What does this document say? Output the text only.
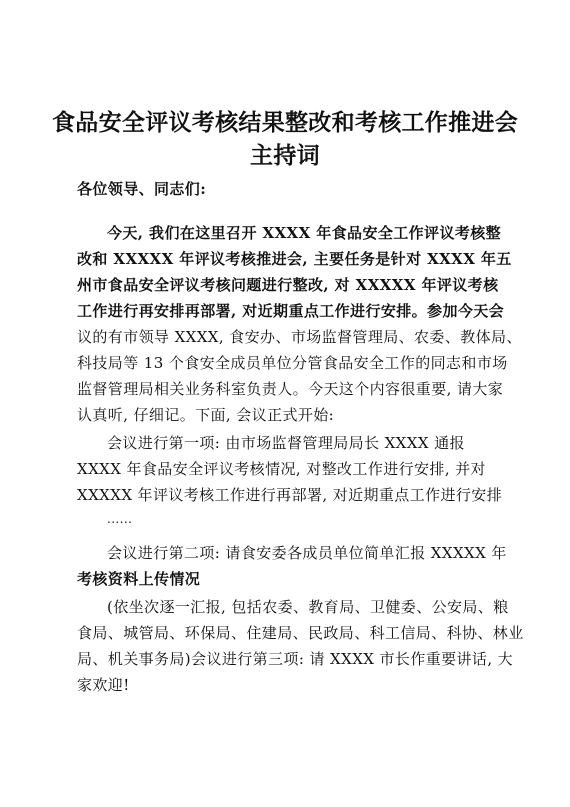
食品安全评议考核结果整改和考核工作推进会
主持词
各位领导、同志们:
今天, 我们在这里召开 XXXX 年食品安全工作评议考核整
改和 XXXXX 年评议考核推进会, 主要任务是针对 XXXX 年五
州市食品安全评议考核问题进行整改, 对 XXXXX 年评议考核
工作进行再安排再部署, 对近期重点工作进行安排。参加今天会
议的有市领导 XXXX, 食安办、市场监督管理局、农委、教体局、
科技局等 13 个食安全成员单位分管食品安全工作的同志和市场
监督管理局相关业务科室负责人。今天这个内容很重要, 请大家
认真听, 仔细记。下面, 会议正式开始:
会议进行第一项: 由市场监督管理局局长 XXXX 通报
XXXX 年食品安全评议考核情况, 对整改工作进行安排, 并对
XXXXX 年评议考核工作进行再部署, 对近期重点工作进行安排
......
会议进行第二项: 请食安委各成员单位简单汇报 XXXXX 年
考核资料上传情况
(依坐次逐一汇报, 包括农委、教育局、卫健委、公安局、粮
食局、城管局、环保局、住建局、民政局、科工信局、科协、林业
局、机关事务局)会议进行第三项: 请 XXXX 市长作重要讲话, 大
家欢迎!
